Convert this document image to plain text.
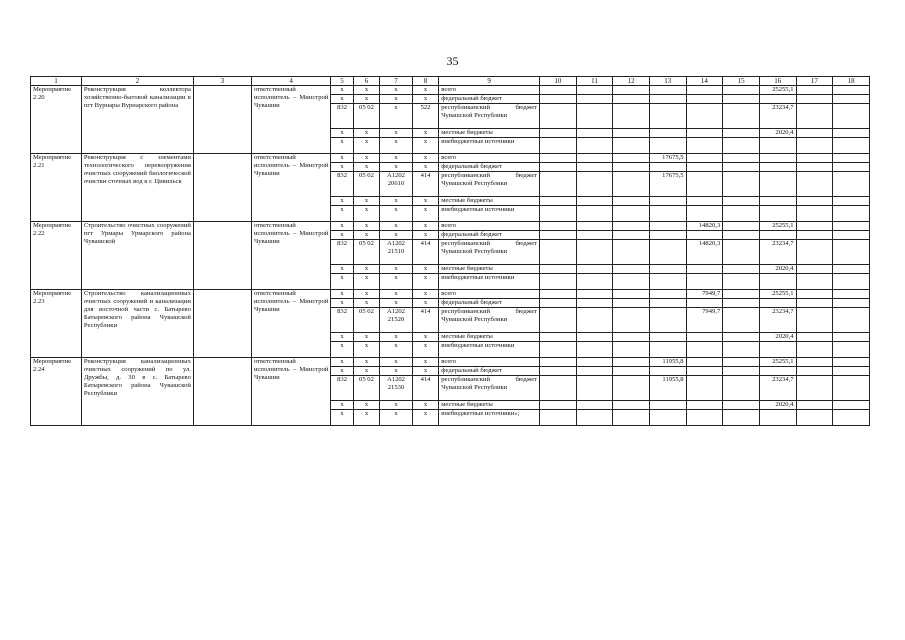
35
1	2	3	4	5	6	7	8	9	10	11	12	13	14	15	16	17	18
Мероприятие 2.20	Реконструкция коллектора хозяйственно-бытовой канализации в пгт Вурнары Вурнарского района		ответственный исполнитель – Минстрой Чувашии	x	x	x	x	всего							25255,1		
				x	x	x	x	федеральный бюджет									
				832	05 02	x	522	республиканский бюджет Чувашской Республики							23234,7		
				x	x	x	x	местные бюджеты							2020,4		
				x	x	x	x	внебюджетные источники									
Мероприятие 2.21	Реконструкция с элементами технологического перевооружения очистных сооружений биологической очистки сточных вод в г. Цивильск		ответственный исполнитель – Минстрой Чувашии	x	x	x	x	всего				17675,5					
				x	x	x	x	федеральный бюджет									
				832	05 02	A1202 20610	414	республиканский бюджет Чувашской Республики				17675,5					
				x	x	x	x	местные бюджеты									
				x	x	x	x	внебюджетные источники									
Мероприятие 2.22	Строительство очистных сооружений пгт Урмары Урмарского района Чувашской		ответственный исполнитель – Минстрой Чувашии	x	x	x	x	всего					14820,3		25255,1		
				x	x	x	x	федеральный бюджет									
				832	05 02	A1202 21510	414	республиканский бюджет Чувашской Республики					14820,3		23234,7		
				x	x	x	x	местные бюджеты							2020,4		
				x	x	x	x	внебюджетные источники									
Мероприятие 2.23	Строительство канализационных очистных сооружений и канализации для восточной части с. Батырево Батыревского района Чувашской Республики		ответственный исполнитель – Минстрой Чувашии	x	x	x	x	всего					7949,7		25255,1		
				x	x	x	x	федеральный бюджет									
				832	05 02	A1202 21520	414	республиканский бюджет Чувашской Республики					7949,7		23234,7		
				x	x	x	x	местные бюджеты							2020,4		
				x	x	x	x	внебюджетные источники									
Мероприятие 2.24	Реконструкция канализационных очистных сооружений по ул. Дружбы, д. 30 в с. Батырево Батыревского района Чувашской Республики		ответственный исполнитель – Минстрой Чувашии	x	x	x	x	всего				11955,8			25255,1		
				x	x	x	x	федеральный бюджет									
				832	05 02	A1202 21530	414	республиканский бюджет Чувашской Республики				11955,8			23234,7		
				x	x	x	x	местные бюджеты							2020,4		
				x	x	x	x	внебюджетные источники»;									
